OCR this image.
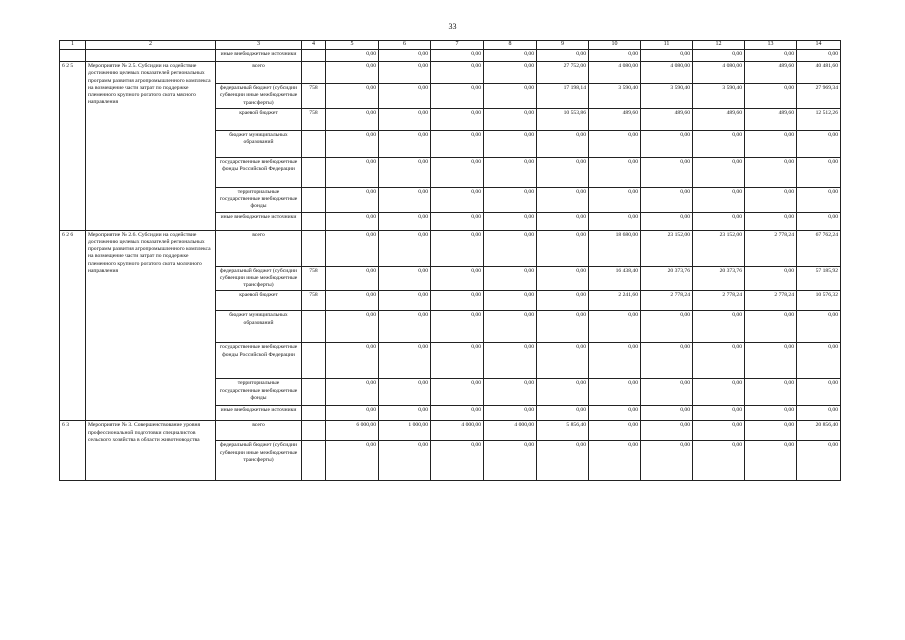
33
1	2	3	4	5	6	7	8	9	10	11	12	13	14
		иные внебюджетные источники		0,00	0,00	0,00	0,00	0,00	0,00	0,00	0,00	0,00	0,00
6 2 5	Мероприятие № 2.5. Субсидии на содействие достижению целевых показателей региональных программ развития агропромышленного комплекса на возмещение части затрат по поддержке племенного крупного рогатого скота мясного направления	всего		0,00	0,00	0,00	0,00	27 752,00	4 080,00	4 080,00	4 080,00	489,60	40 481,60
		федеральный бюджет (субсидии субвенции иные межбюджетные трансферты)	758	0,00	0,00	0,00	0,00	17 198,14	3 590,40	3 590,40	3 590,40	0,00	27 969,34
		краевой бюджет	758	0,00	0,00	0,00	0,00	10 553,86	489,60	489,60	489,60	489,60	12 512,26
		бюджет муниципальных образований		0,00	0,00	0,00	0,00	0,00	0,00	0,00	0,00	0,00	0,00
		государственные внебюджетные фонды Российской Федерации		0,00	0,00	0,00	0,00	0,00	0,00	0,00	0,00	0,00	0,00
		территориальные государственные внебюджетные фонды		0,00	0,00	0,00	0,00	0,00	0,00	0,00	0,00	0,00	0,00
		иные внебюджетные источники		0,00	0,00	0,00	0,00	0,00	0,00	0,00	0,00	0,00	0,00
6 2 6	Мероприятие № 2.6. Субсидии на содействие достижению целевых показателей региональных программ развития агропромышленного комплекса на возмещение части затрат по поддержке племенного крупного рогатого скота молочного направления	всего		0,00	0,00	0,00	0,00	0,00	18 680,00	23 152,00	23 152,00	2 778,24	67 762,24
		федеральный бюджет (субсидии субвенции иные межбюджетные трансферты)	758	0,00	0,00	0,00	0,00	0,00	16 438,40	20 373,76	20 373,76	0,00	57 185,92
		краевой бюджет	758	0,00	0,00	0,00	0,00	0,00	2 241,60	2 778,24	2 778,24	2 778,24	10 576,32
		бюджет муниципальных образований		0,00	0,00	0,00	0,00	0,00	0,00	0,00	0,00	0,00	0,00
		государственные внебюджетные фонды Российской Федерации		0,00	0,00	0,00	0,00	0,00	0,00	0,00	0,00	0,00	0,00
		территориальные государственные внебюджетные фонды		0,00	0,00	0,00	0,00	0,00	0,00	0,00	0,00	0,00	0,00
		иные внебюджетные источники		0,00	0,00	0,00	0,00	0,00	0,00	0,00	0,00	0,00	0,00
6 3	Мероприятие № 3. Совершенствование уровня профессиональной подготовки специалистов сельского хозяйства в области животноводства	всего		6 000,00	1 000,00	4 000,00	4 000,00	5 856,40	0,00	0,00	0,00	0,00	20 856,40
		федеральный бюджет (субсидии субвенции иные межбюджетные трансферты)		0,00	0,00	0,00	0,00	0,00	0,00	0,00	0,00	0,00	0,00
